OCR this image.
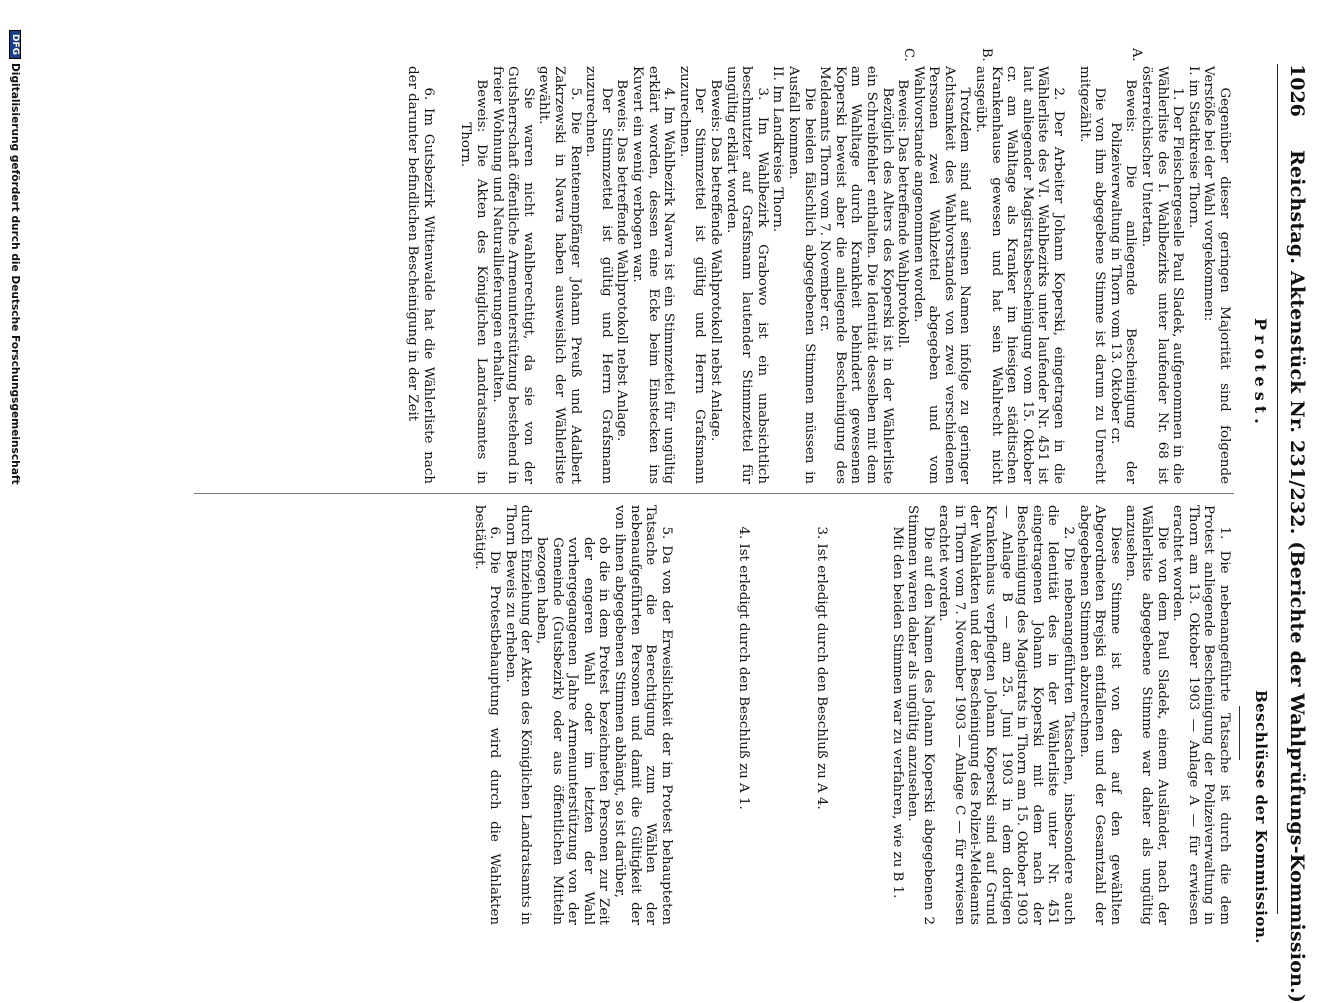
1026
Reichstag. Aktenstück Nr. 231/232. (Berichte der Wahlprüfungs-Kommission.)
Protest.
Beschlüsse der Kommission.
A.
B.
C.

Gegenüber dieser geringen Majorität sind folgende Verstöße bei der Wahl vorgekommen:

I. im Stadtkreise Thorn.

1. Der Fleischergeselle Paul Sladek, aufgenommen in die Wählerliste des I. Wahlbezirks unter laufender Nr. 68 ist österreichischer Untertan.

Beweis: Die anliegende Bescheinigung der Polizeiverwaltung in Thorn vom 13. Oktober cr.

Die von ihm abgegebene Stimme ist darum zu Unrecht mitgezählt.

2. Der Arbeiter Johann Koperski, eingetragen in die Wählerliste des VI. Wahlbezirks unter laufender Nr. 451 ist laut anliegender Magistratsbescheinigung vom 15. Oktober cr. am Wahltage als Kranker im hiesigen städtischen Krankenhause gewesen und hat sein Wahlrecht nicht ausgeübt.

Trotzdem sind auf seinen Namen infolge zu geringer Achtsamkeit des Wahlvorstandes von zwei verschiedenen Personen zwei Wahlzettel abgegeben und vom Wahlvorstande angenommen worden.

Beweis: Das betreffende Wahlprotokoll.

Bezüglich des Alters des Koperski ist in der Wählerliste ein Schreibfehler enthalten. Die Identität desselben mit dem am Wahltage durch Krankheit behindert gewesenen Koperski beweist aber die anliegende Bescheinigung des Meldeamts Thorn vom 7. November cr.

Die beiden fälschlich abgegebenen Stimmen müssen in Ausfall kommen.

II. Im Landkreise Thorn.

3. Im Wahlbezirk Grabowo ist ein unabsichtlich beschmutzter auf Grafsmann lautender Stimmzettel für ungültig erklärt worden.

Beweis: Das betreffende Wahlprotokoll nebst Anlage.

Der Stimmzettel ist gültig und Herrn Grafsmann zuzurechnen.

4. Im Wahlbezirk Nawra ist ein Stimmzettel für ungültig erklärt worden, dessen eine Ecke beim Einstecken ins Kuvert ein wenig verbogen war.

Beweis: Das betreffende Wahlprotokoll nebst Anlage.

Der Stimmzettel ist gültig und Herrn Grafsmann zuzurechnen.

5. Die Rentenempfänger Johann Preuß und Adalbert Zakrzewski in Nawra haben ausweislich der Wählerliste gewählt.

Sie waren nicht wahlberechtigt, da sie von der Gutsherrschaft öffentliche Armenunterstützung bestehend in freier Wohnung und Naturallieferungen erhalten.

Beweis: Die Akten des Königlichen Landratsamtes in Thorn.

6. Im Gutsbezirk Wittenwalde hat die Wählerliste nach der darunter befindlichen Bescheinigung in der Zeit

1. Die nebenangeführte Tatsache ist durch die dem Protest anliegende Bescheinigung der Polizeiverwaltung in Thorn am 13. Oktober 1903 — Anlage A — für erwiesen erachtet worden.

Die von dem Paul Sladek, einem Ausländer, nach der Wählerliste abgegebene Stimme war daher als ungültig anzusehen.

Diese Stimme ist von den auf den gewählten Abgeordneten Brejski entfallenen und der Gesamtzahl der abgegebenen Stimmen abzurechnen.

2. Die nebenangeführten Tatsachen, insbesondere auch die Identität des in der Wählerliste unter Nr. 451 eingetragenen Johann Koperski mit dem nach der Bescheinigung des Magistrats in Thorn am 15. Oktober 1903 — Anlage B — am 25. Juni 1903 in dem dortigen Krankenhaus verpflegten Johann Koperski sind auf Grund der Wahlakten und der Bescheinigung des Polizei-Meldeamts in Thorn vom 7. November 1903 — Anlage C — für erwiesen erachtet worden.

Die auf den Namen des Johann Koperski abgegebenen 2 Stimmen waren daher als ungültig anzusehen.

Mit den beiden Stimmen war zu verfahren, wie zu B 1.

3. Ist erledigt durch den Beschluß zu A 4.

4. Ist erledigt durch den Beschluß zu A 1.

5. Da von der Erweislichkeit der im Protest behaupteten Tatsache die Berechtigung zum Wählen der nebenaufgeführten Personen und damit die Gültigkeit der von ihnen abgegebenen Stimmen abhängt, so ist darüber,

ob die in dem Protest bezeichneten Personen zur Zeit der engeren Wahl oder im letzten der Wahl vorhergegangenen Jahre Armenunterstützung von der Gemeinde (Gutsbezirk) oder aus öffentlichen Mitteln bezogen haben,

durch Einziehung der Akten des Königlichen Landratsamts in Thorn Beweis zu erheben.

6. Die Protestbehauptung wird durch die Wahlakten bestätigt.

DFGDigitalisierung gefördert durch die Deutsche Forschungsgemeinschaft
